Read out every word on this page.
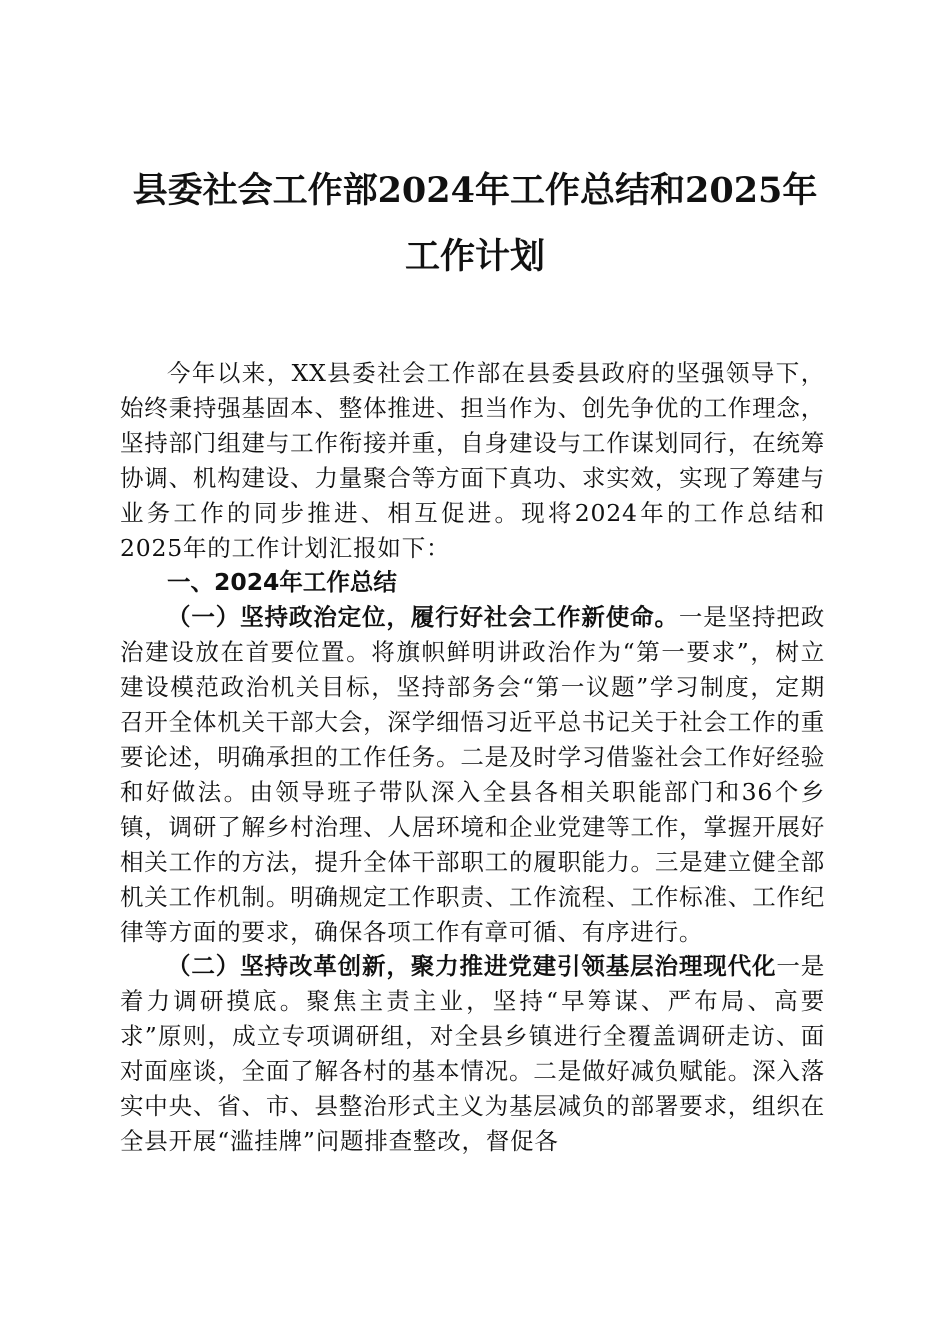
县委社会工作部2024年工作总结和2025年工作计划

今年以来，XX县委社会工作部在县委县政府的坚强领导下，始终秉持强基固本、整体推进、担当作为、创先争优的工作理念，坚持部门组建与工作衔接并重，自身建设与工作谋划同行，在统筹协调、机构建设、力量聚合等方面下真功、求实效，实现了筹建与业务工作的同步推进、相互促进。现将2024年的工作总结和2025年的工作计划汇报如下：

一、2024年工作总结

（一）坚持政治定位，履行好社会工作新使命。一是坚持把政治建设放在首要位置。将旗帜鲜明讲政治作为“第一要求”，树立建设模范政治机关目标，坚持部务会“第一议题”学习制度，定期召开全体机关干部大会，深学细悟习近平总书记关于社会工作的重要论述，明确承担的工作任务。二是及时学习借鉴社会工作好经验和好做法。由领导班子带队深入全县各相关职能部门和36个乡镇，调研了解乡村治理、人居环境和企业党建等工作，掌握开展好相关工作的方法，提升全体干部职工的履职能力。三是建立健全部机关工作机制。明确规定工作职责、工作流程、工作标准、工作纪律等方面的要求，确保各项工作有章可循、有序进行。

（二）坚持改革创新，聚力推进党建引领基层治理现代化一是着力调研摸底。聚焦主责主业，坚持“早筹谋、严布局、高要求”原则，成立专项调研组，对全县乡镇进行全覆盖调研走访、面对面座谈，全面了解各村的基本情况。二是做好减负赋能。深入落实中央、省、市、县整治形式主义为基层减负的部署要求，组织在全县开展“滥挂牌”问题排查整改，督促各
